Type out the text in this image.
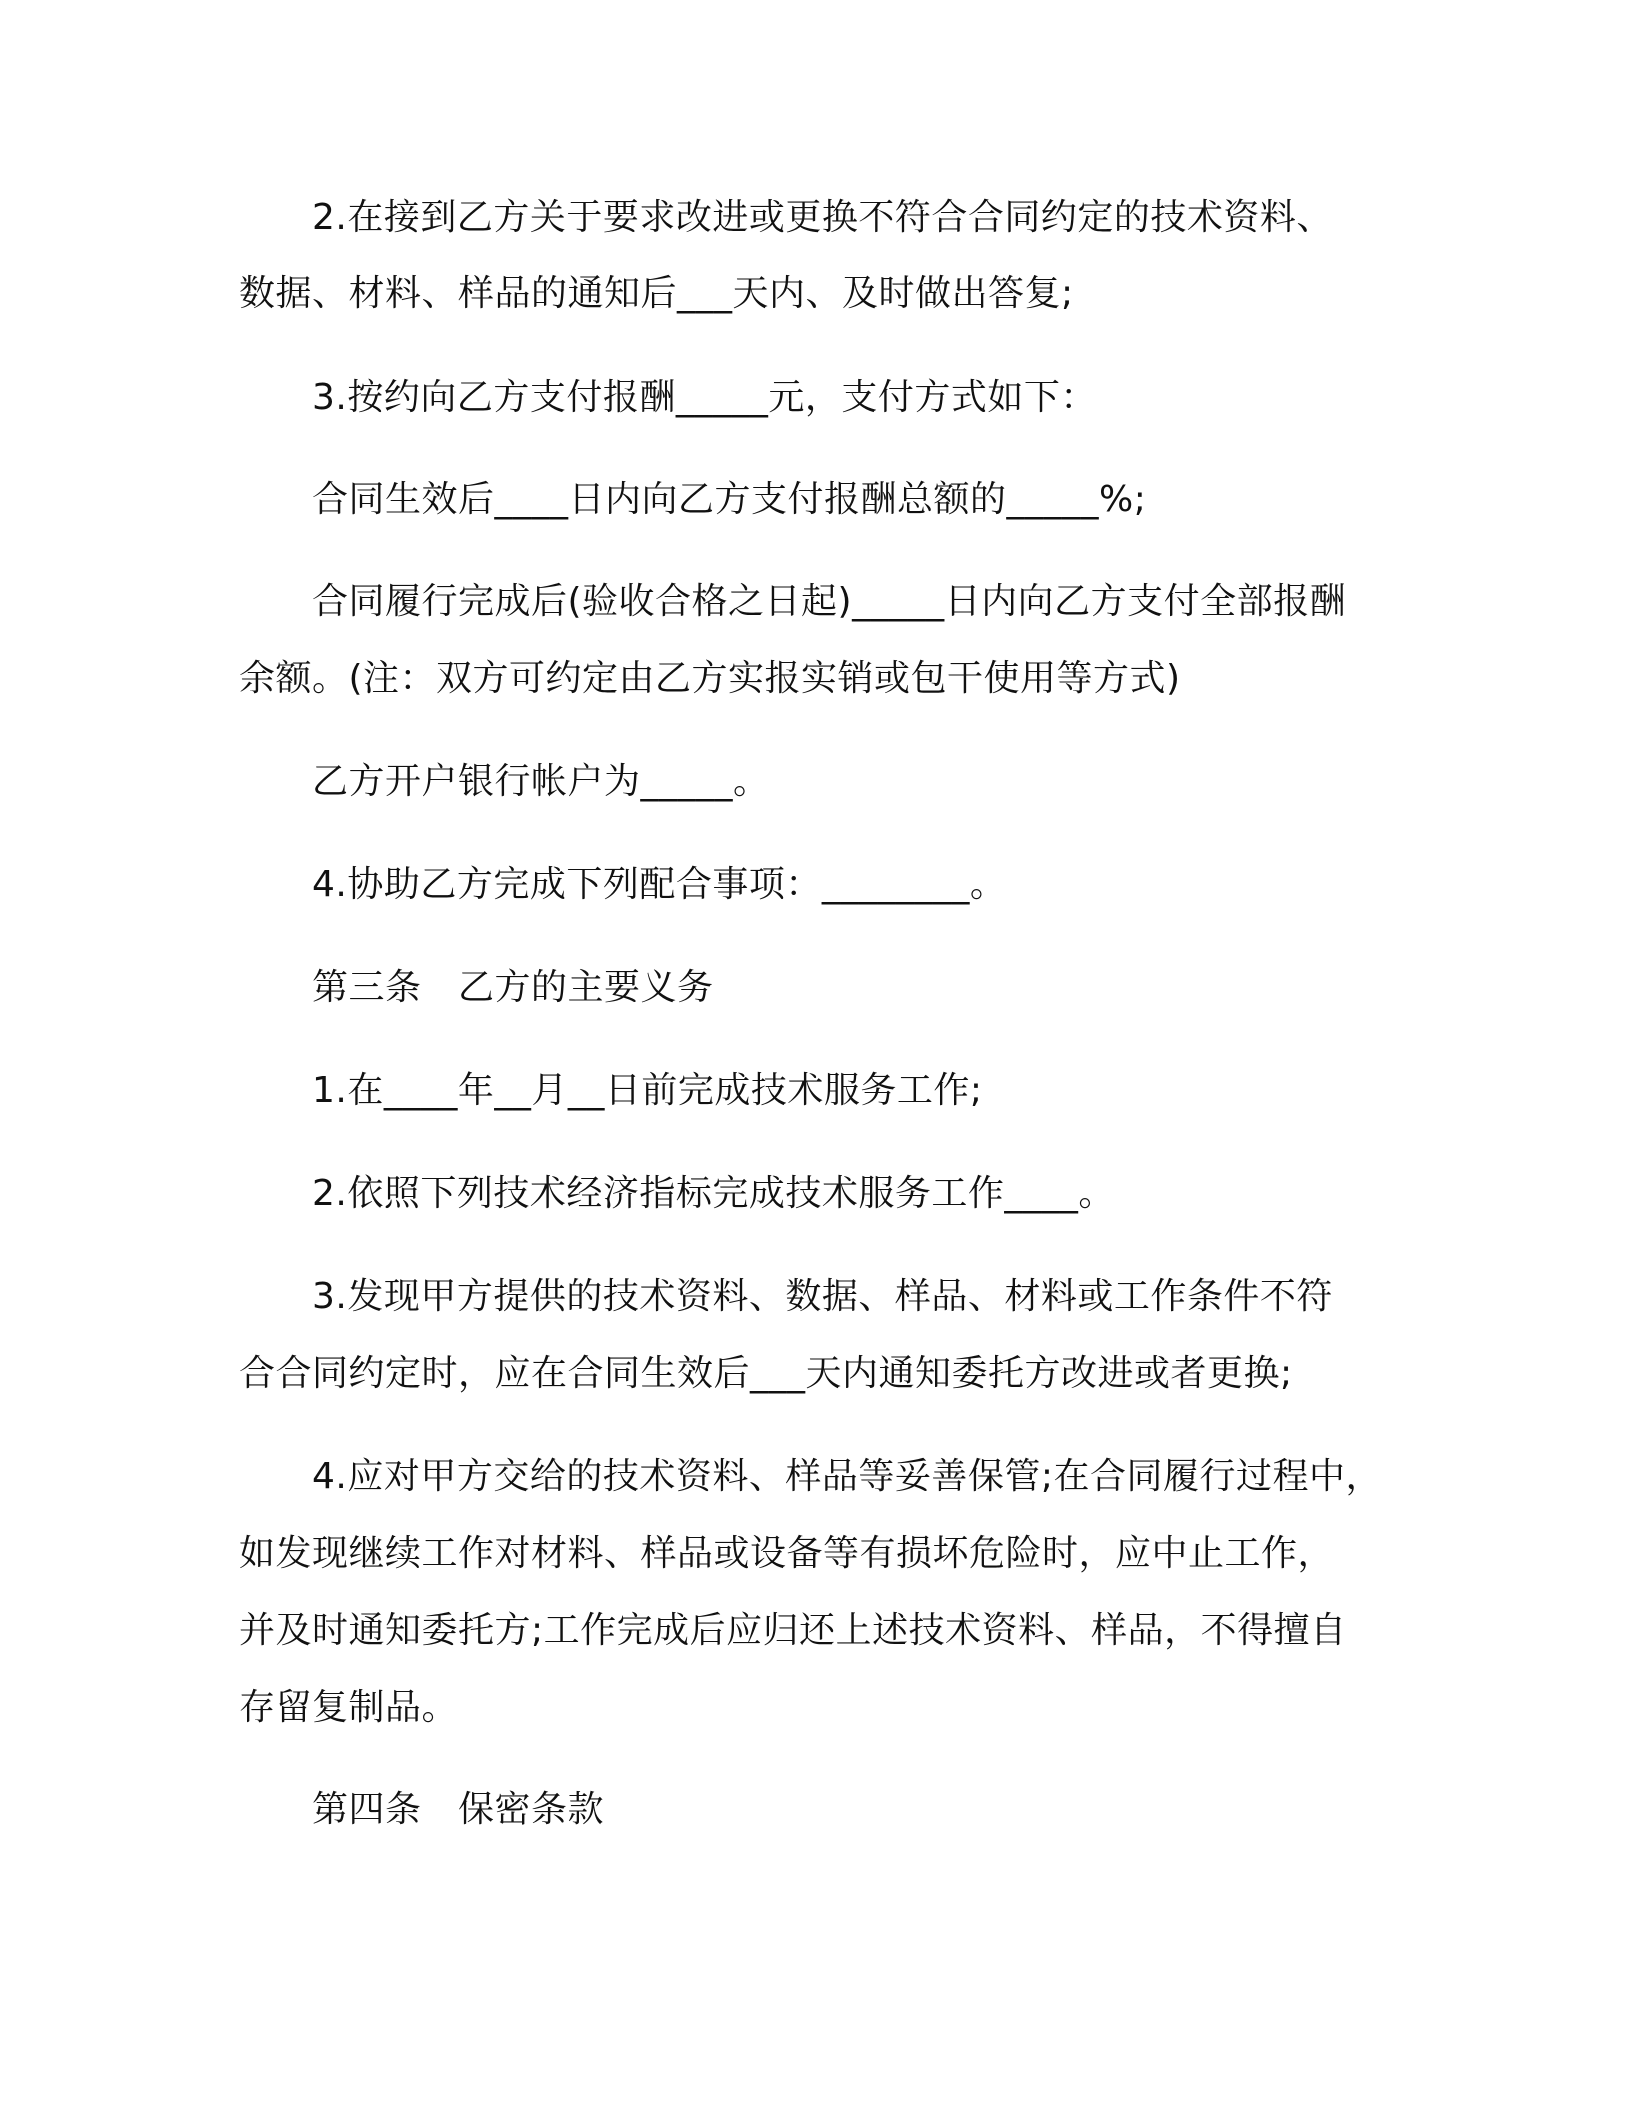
2.在接到乙方关于要求改进或更换不符合合同约定的技术资料、
数据、材料、样品的通知后___天内、及时做出答复;
3.按约向乙方支付报酬_____元，支付方式如下：
合同生效后____日内向乙方支付报酬总额的_____%;
合同履行完成后(验收合格之日起)_____日内向乙方支付全部报酬
余额。(注：双方可约定由乙方实报实销或包干使用等方式)
乙方开户银行帐户为_____。
4.协助乙方完成下列配合事项：________。
第三条　乙方的主要义务
1.在____年__月__日前完成技术服务工作;
2.依照下列技术经济指标完成技术服务工作____。
3.发现甲方提供的技术资料、数据、样品、材料或工作条件不符
合合同约定时，应在合同生效后___天内通知委托方改进或者更换;
4.应对甲方交给的技术资料、样品等妥善保管;在合同履行过程中，
如发现继续工作对材料、样品或设备等有损坏危险时，应中止工作，
并及时通知委托方;工作完成后应归还上述技术资料、样品，不得擅自
存留复制品。
第四条　保密条款
